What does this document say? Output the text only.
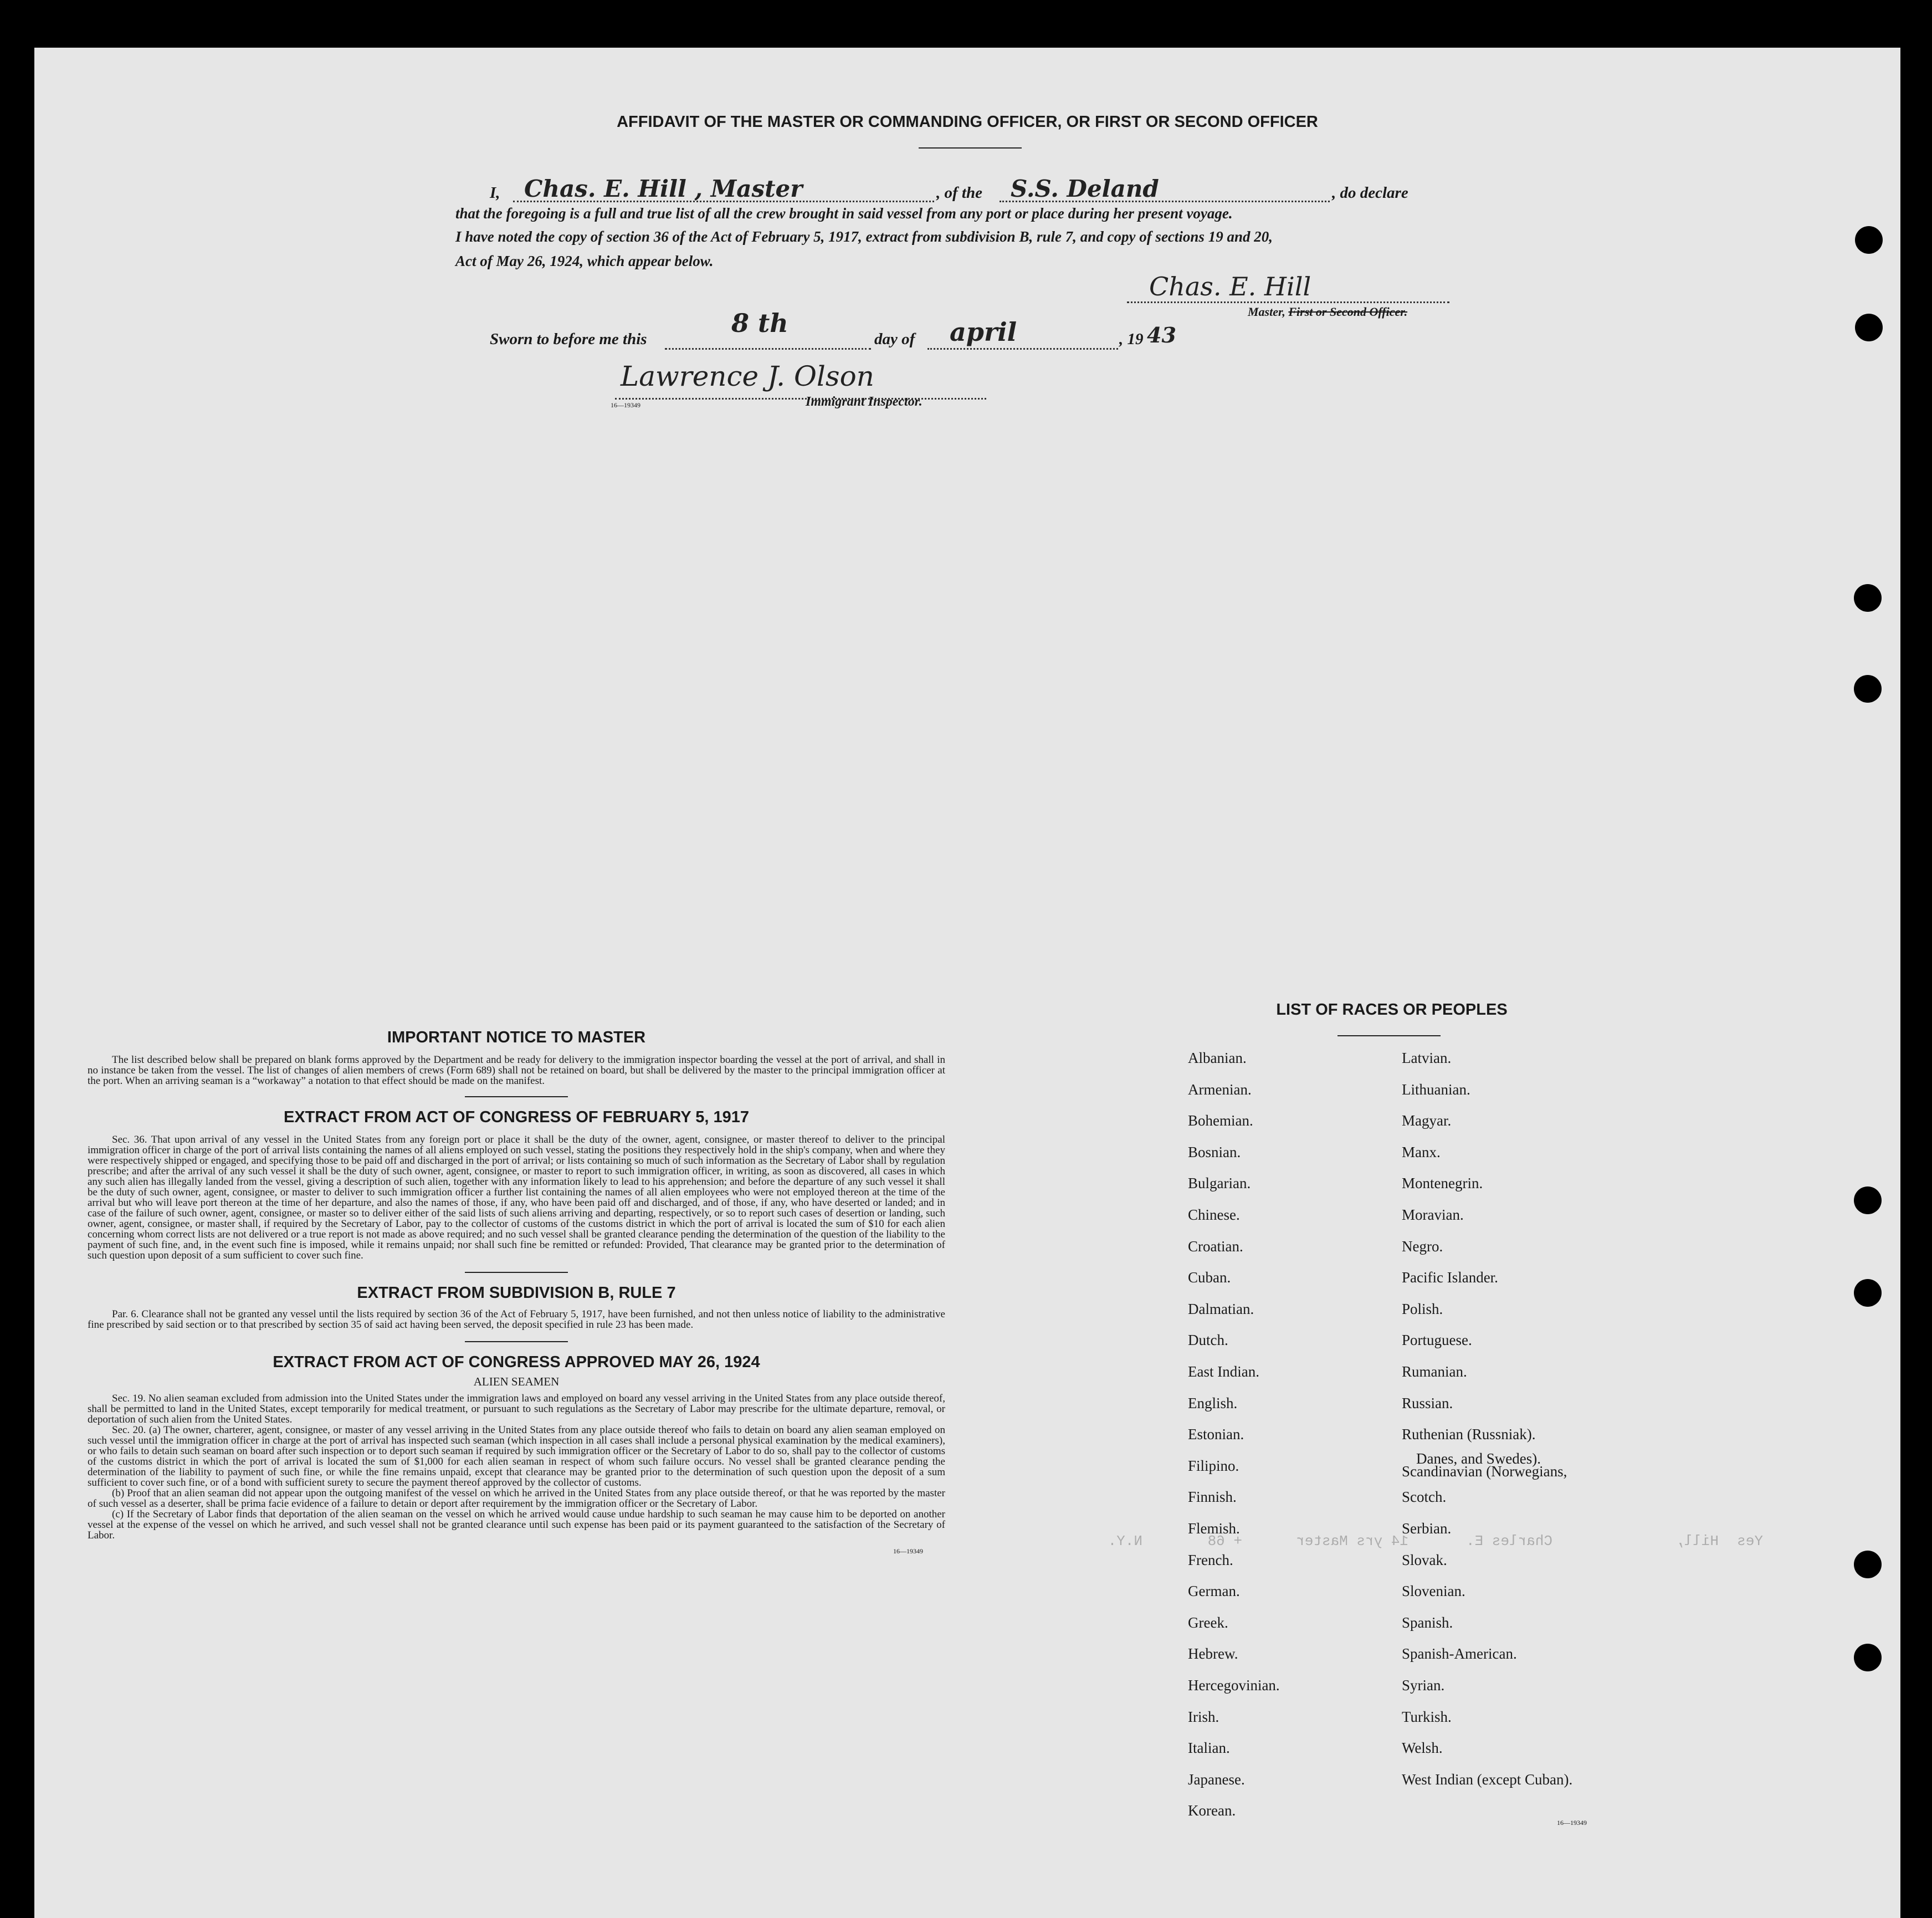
AFFIDAVIT OF THE MASTER OR COMMANDING OFFICER, OR FIRST OR SECOND OFFICER
I, Chas. E. Hill , Master	, of the S.S. Deland	, do declare
that the foregoing is a full and true list of all the crew brought in said vessel from any port or place during her present voyage.
I have noted the copy of section 36 of the Act of February 5, 1917, extract from subdivision B, rule 7, and copy of sections 19 and 20,
Act of May 26, 1924, which appear below.
Chas. E. Hill
Master, First or Second Officer.
Sworn to before me this
8 th
day of april	, 19 43
Lawrence J. Olson
16—19349	Immigrant Inspector.
IMPORTANT NOTICE TO MASTER
The list described below shall be prepared on blank forms approved by the Department and be ready for delivery to the immigration inspector boarding the vessel at the port of arrival, and shall in no instance be taken from the vessel. The list of changes of alien members of crews (Form 689) shall not be retained on board, but shall be delivered by the master to the principal immigration officer at the port. When an arriving seaman is a “workaway” a notation to that effect should be made on the manifest.
EXTRACT FROM ACT OF CONGRESS OF FEBRUARY 5, 1917
Sec. 36. That upon arrival of any vessel in the United States from any foreign port or place it shall be the duty of the owner, agent, consignee, or master thereof to deliver to the principal immigration officer in charge of the port of arrival lists containing the names of all aliens employed on such vessel, stating the positions they respectively hold in the ship's company, when and where they were respectively shipped or engaged, and specifying those to be paid off and discharged in the port of arrival; or lists containing so much of such information as the Secretary of Labor shall by regulation prescribe; and after the arrival of any such vessel it shall be the duty of such owner, agent, consignee, or master to report to such immigration officer, in writing, as soon as discovered, all cases in which any such alien has illegally landed from the vessel, giving a description of such alien, together with any information likely to lead to his apprehension; and before the departure of any such vessel it shall be the duty of such owner, agent, consignee, or master to deliver to such immigration officer a further list containing the names of all alien employees who were not employed thereon at the time of the arrival but who will leave port thereon at the time of her departure, and also the names of those, if any, who have been paid off and discharged, and of those, if any, who have deserted or landed; and in case of the failure of such owner, agent, consignee, or master so to deliver either of the said lists of such aliens arriving and departing, respectively, or so to report such cases of desertion or landing, such owner, agent, consignee, or master shall, if required by the Secretary of Labor, pay to the collector of customs of the customs district in which the port of arrival is located the sum of $10 for each alien concerning whom correct lists are not delivered or a true report is not made as above required; and no such vessel shall be granted clearance pending the determination of the question of the liability to the payment of such fine, and, in the event such fine is imposed, while it remains unpaid; nor shall such fine be remitted or refunded: Provided, That clearance may be granted prior to the determination of such question upon deposit of a sum sufficient to cover such fine.
EXTRACT FROM SUBDIVISION B, RULE 7
Par. 6. Clearance shall not be granted any vessel until the lists required by section 36 of the Act of February 5, 1917, have been furnished, and not then unless notice of liability to the administrative fine prescribed by said section or to that prescribed by section 35 of said act having been served, the deposit specified in rule 23 has been made.
EXTRACT FROM ACT OF CONGRESS APPROVED MAY 26, 1924
ALIEN SEAMEN
Sec. 19. No alien seaman excluded from admission into the United States under the immigration laws and employed on board any vessel arriving in the United States from any place outside thereof, shall be permitted to land in the United States, except temporarily for medical treatment, or pursuant to such regulations as the Secretary of Labor may prescribe for the ultimate departure, removal, or deportation of such alien from the United States.
Sec. 20. (a) The owner, charterer, agent, consignee, or master of any vessel arriving in the United States from any place outside thereof who fails to detain on board any alien seaman employed on such vessel until the immigration officer in charge at the port of arrival has inspected such seaman (which inspection in all cases shall include a personal physical examination by the medical examiners), or who fails to detain such seaman on board after such inspection or to deport such seaman if required by such immigration officer or the Secretary of Labor to do so, shall pay to the collector of customs of the customs district in which the port of arrival is located the sum of $1,000 for each alien seaman in respect of whom such failure occurs. No vessel shall be granted clearance pending the determination of the liability to payment of such fine, or while the fine remains unpaid, except that clearance may be granted prior to the determination of such question upon the deposit of a sum sufficient to cover such fine, or of a bond with sufficient surety to secure the payment thereof approved by the collector of customs.
(b) Proof that an alien seaman did not appear upon the outgoing manifest of the vessel on which he arrived in the United States from any place outside thereof, or that he was reported by the master of such vessel as a deserter, shall be prima facie evidence of a failure to detain or deport after requirement by the immigration officer or the Secretary of Labor.
(c) If the Secretary of Labor finds that deportation of the alien seaman on the vessel on which he arrived would cause undue hardship to such seaman he may cause him to be deported on another vessel at the expense of the vessel on which he arrived, and such vessel shall not be granted clearance until such expense has been paid or its payment guaranteed to the satisfaction of the Secretary of Labor.
16—19349
LIST OF RACES OR PEOPLES
Albanian.
Armenian.
Bohemian.
Bosnian.
Bulgarian.
Chinese.
Croatian.
Cuban.
Dalmatian.
Dutch.
East Indian.
English.
Estonian.
Filipino.
Finnish.
Flemish.
French.
German.
Greek.
Hebrew.
Hercegovinian.
Irish.
Italian.
Japanese.
Korean.
Latvian.
Lithuanian.
Magyar.
Manx.
Montenegrin.
Moravian.
Negro.
Pacific Islander.
Polish.
Portuguese.
Rumanian.
Russian.
Ruthenian (Russniak).
Scandinavian (Norwegians,
Danes, and Swedes).
Scotch.
Serbian.
Slovak.
Slovenian.
Spanish.
Spanish-American.
Syrian.
Turkish.
Welsh.
West Indian (except Cuban).
16—19349
Yes
Hill,
Charles E.
14 yrs Master
+ 68
N.Y.
